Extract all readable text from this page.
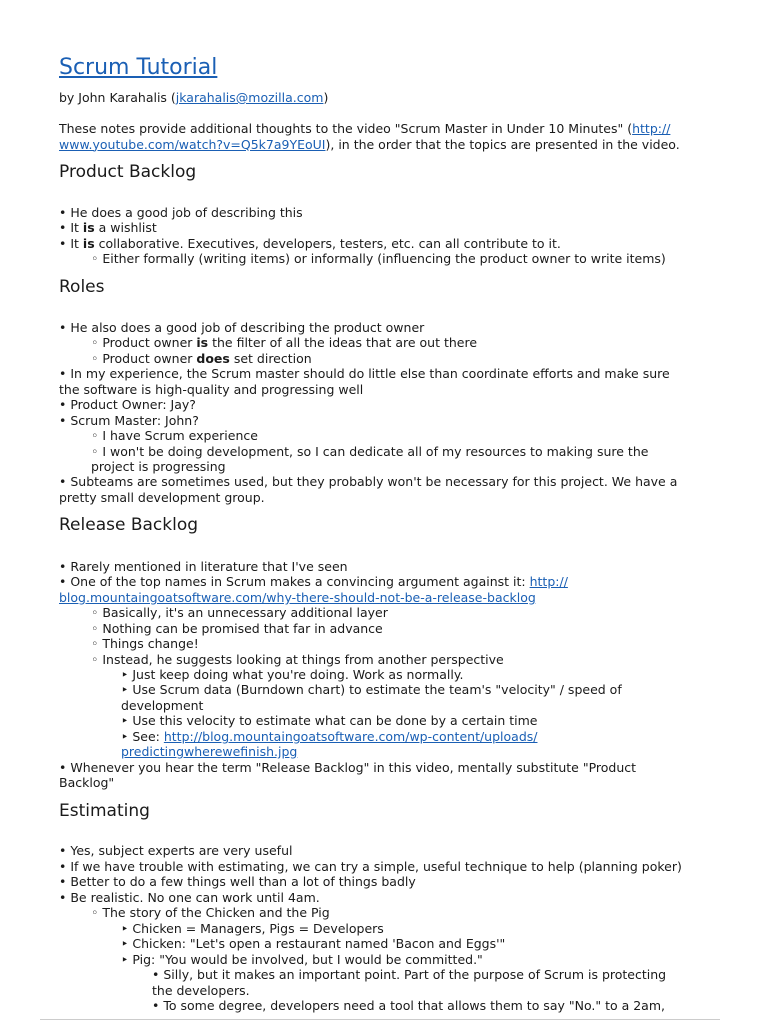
Scrum Tutorial
by John Karahalis (jkarahalis@mozilla.com)
These notes provide additional thoughts to the video "Scrum Master in Under 10 Minutes" (http://
www.youtube.com/watch?v=Q5k7a9YEoUI), in the order that the topics are presented in the video.
Product Backlog
• He does a good job of describing this
• It is a wishlist
• It is collaborative. Executives, developers, testers, etc. can all contribute to it.
◦ Either formally (writing items) or informally (influencing the product owner to write items)
Roles
• He also does a good job of describing the product owner
◦ Product owner is the filter of all the ideas that are out there
◦ Product owner does set direction
• In my experience, the Scrum master should do little else than coordinate efforts and make sure
the software is high-quality and progressing well
• Product Owner: Jay?
• Scrum Master: John?
◦ I have Scrum experience
◦ I won't be doing development, so I can dedicate all of my resources to making sure the
project is progressing
• Subteams are sometimes used, but they probably won't be necessary for this project. We have a
pretty small development group.
Release Backlog
• Rarely mentioned in literature that I've seen
• One of the top names in Scrum makes a convincing argument against it: http://
blog.mountaingoatsoftware.com/why-there-should-not-be-a-release-backlog
◦ Basically, it's an unnecessary additional layer
◦ Nothing can be promised that far in advance
◦ Things change!
◦ Instead, he suggests looking at things from another perspective
‣ Just keep doing what you're doing. Work as normally.
‣ Use Scrum data (Burndown chart) to estimate the team's "velocity" / speed of
development
‣ Use this velocity to estimate what can be done by a certain time
‣ See: http://blog.mountaingoatsoftware.com/wp-content/uploads/
predictingwherewefinish.jpg
• Whenever you hear the term "Release Backlog" in this video, mentally substitute "Product
Backlog"
Estimating
• Yes, subject experts are very useful
• If we have trouble with estimating, we can try a simple, useful technique to help (planning poker)
• Better to do a few things well than a lot of things badly
• Be realistic. No one can work until 4am.
◦ The story of the Chicken and the Pig
‣ Chicken = Managers, Pigs = Developers
‣ Chicken: "Let's open a restaurant named 'Bacon and Eggs'"
‣ Pig: "You would be involved, but I would be committed."
• Silly, but it makes an important point. Part of the purpose of Scrum is protecting
the developers.
• To some degree, developers need a tool that allows them to say "No." to a 2am,
